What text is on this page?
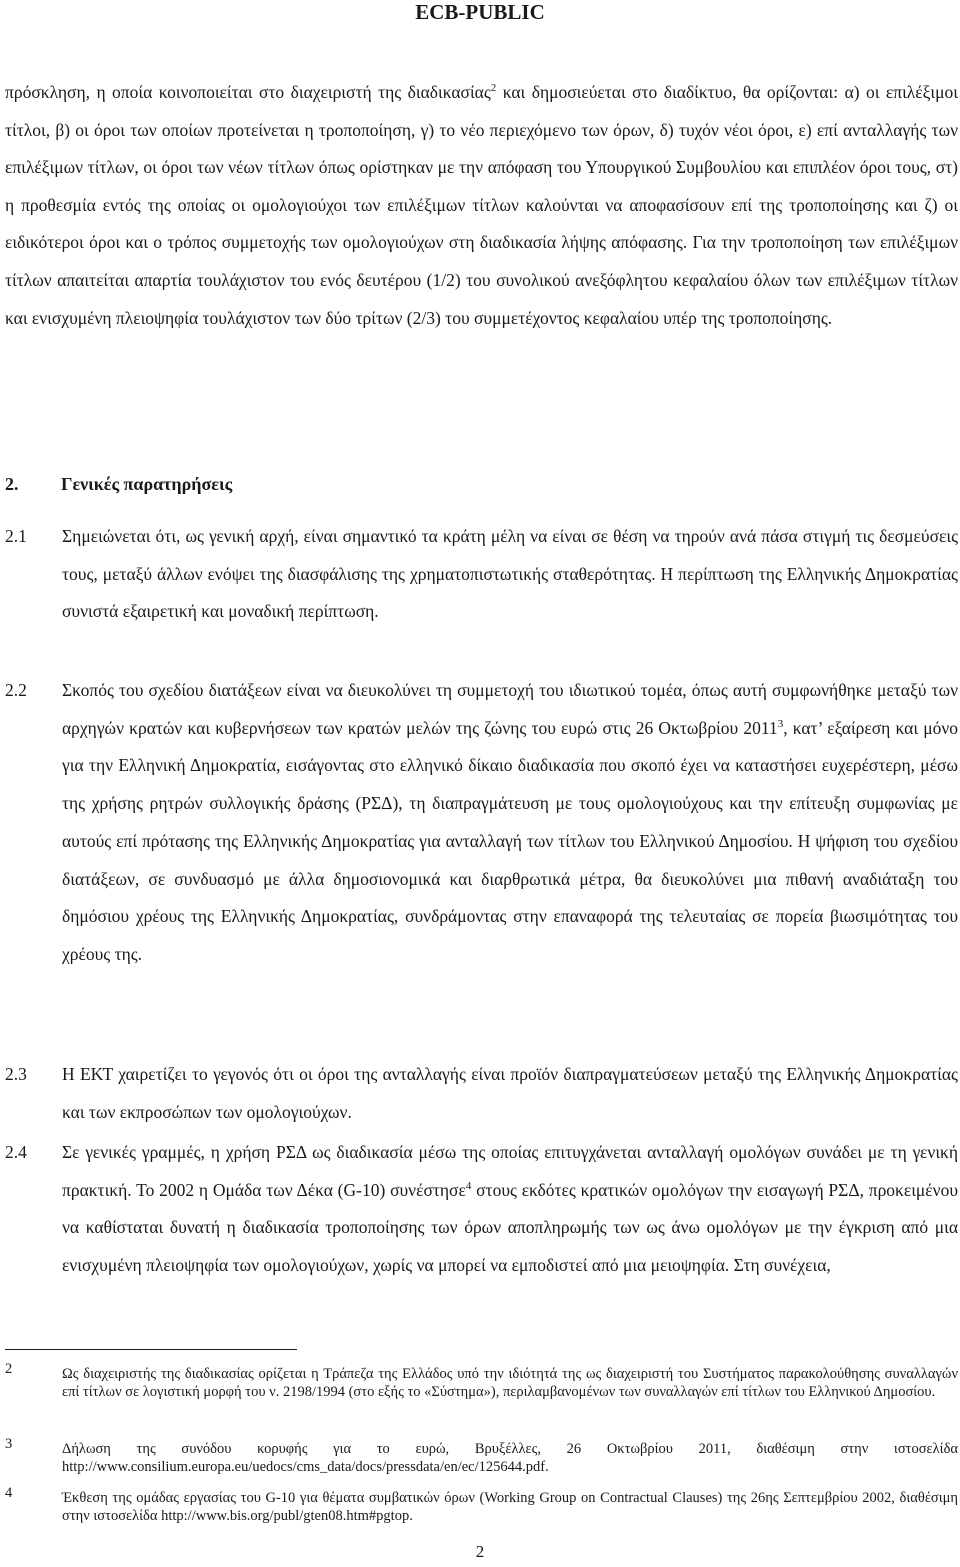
ECB-PUBLIC

πρόσκληση, η οποία κοινοποιείται στο διαχειριστή της διαδικασίας$^2$ και δημοσιεύεται στο διαδίκτυο, θα ορίζονται: α) οι επιλέξιμοι τίτλοι, β) οι όροι των οποίων προτείνεται η τροποποίηση, γ) το νέο περιεχόμενο των όρων, δ) τυχόν νέοι όροι, ε) επί ανταλλαγής των επιλέξιμων τίτλων, οι όροι των νέων τίτλων όπως ορίστηκαν με την απόφαση του Υπουργικού Συμβουλίου και επιπλέον όροι τους, στ) η προθεσμία εντός της οποίας οι ομολογιούχοι των επιλέξιμων τίτλων καλούνται να αποφασίσουν επί της τροποποίησης και ζ) οι ειδικότεροι όροι και ο τρόπος συμμετοχής των ομολογιούχων στη διαδικασία λήψης απόφασης. Για την τροποποίηση των επιλέξιμων τίτλων απαιτείται απαρτία τουλάχιστον του ενός δευτέρου (1/2) του συνολικού ανεξόφλητου κεφαλαίου όλων των επιλέξιμων τίτλων και ενισχυμένη πλειοψηφία τουλάχιστον των δύο τρίτων (2/3) του συμμετέχοντος κεφαλαίου υπέρ της τροποποίησης.

2. Γενικές παρατηρήσεις
2.1 Σημειώνεται ότι, ως γενική αρχή, είναι σημαντικό τα κράτη μέλη να είναι σε θέση να τηρούν ανά πάσα στιγμή τις δεσμεύσεις τους, μεταξύ άλλων ενόψει της διασφάλισης της χρηματοπιστωτικής σταθερότητας. Η περίπτωση της Ελληνικής Δημοκρατίας συνιστά εξαιρετική και μοναδική περίπτωση.

2.2 Σκοπός του σχεδίου διατάξεων είναι να διευκολύνει τη συμμετοχή του ιδιωτικού τομέα, όπως αυτή συμφωνήθηκε μεταξύ των αρχηγών κρατών και κυβερνήσεων των κρατών μελών της ζώνης του ευρώ στις 26 Οκτωβρίου 2011$^3$, κατ’ εξαίρεση και μόνο για την Ελληνική Δημοκρατία, εισάγοντας στο ελληνικό δίκαιο διαδικασία που σκοπό έχει να καταστήσει ευχερέστερη, μέσω της χρήσης ρητρών συλλογικής δράσης (ΡΣΔ), τη διαπραγμάτευση με τους ομολογιούχους και την επίτευξη συμφωνίας με αυτούς επί πρότασης της Ελληνικής Δημοκρατίας για ανταλλαγή των τίτλων του Ελληνικού Δημοσίου. Η ψήφιση του σχεδίου διατάξεων, σε συνδυασμό με άλλα δημοσιονομικά και διαρθρωτικά μέτρα, θα διευκολύνει μια πιθανή αναδιάταξη του δημόσιου χρέους της Ελληνικής Δημοκρατίας, συνδράμοντας στην επαναφορά της τελευταίας σε πορεία βιωσιμότητας του χρέους της.

2.3 Η ΕΚΤ χαιρετίζει το γεγονός ότι οι όροι της ανταλλαγής είναι προϊόν διαπραγματεύσεων μεταξύ της Ελληνικής Δημοκρατίας και των εκπροσώπων των ομολογιούχων.

2.4 Σε γενικές γραμμές, η χρήση ΡΣΔ ως διαδικασία μέσω της οποίας επιτυγχάνεται ανταλλαγή ομολόγων συνάδει με τη γενική πρακτική. Το 2002 η Ομάδα των Δέκα (G-10) συνέστησε$^4$ στους εκδότες κρατικών ομολόγων την εισαγωγή ΡΣΔ, προκειμένου να καθίσταται δυνατή η διαδικασία τροποποίησης των όρων αποπληρωμής των ως άνω ομολόγων με την έγκριση από μια ενισχυμένη πλειοψηφία των ομολογιούχων, χωρίς να μπορεί να εμποδιστεί από μια μειοψηφία. Στη συνέχεια,

2	Ως διαχειριστής της διαδικασίας ορίζεται η Τράπεζα της Ελλάδος υπό την ιδιότητά της ως διαχειριστή του Συστήματος παρακολούθησης συναλλαγών επί τίτλων σε λογιστική μορφή του ν. 2198/1994 (στο εξής το «Σύστημα»), περιλαμβανομένων των συναλλαγών επί τίτλων του Ελληνικού Δημοσίου.

3	Δήλωση της συνόδου κορυφής για το ευρώ, Βρυξέλλες, 26 Οκτωβρίου 2011, διαθέσιμη στην ιστοσελίδα http://www.consilium.europa.eu/uedocs/cms_data/docs/pressdata/en/ec/125644.pdf.

4	Έκθεση της ομάδας εργασίας του G-10 για θέματα συμβατικών όρων (Working Group on Contractual Clauses) της 26ης Σεπτεμβρίου 2002, διαθέσιμη στην ιστοσελίδα http://www.bis.org/publ/gten08.htm#pgtop.

2
